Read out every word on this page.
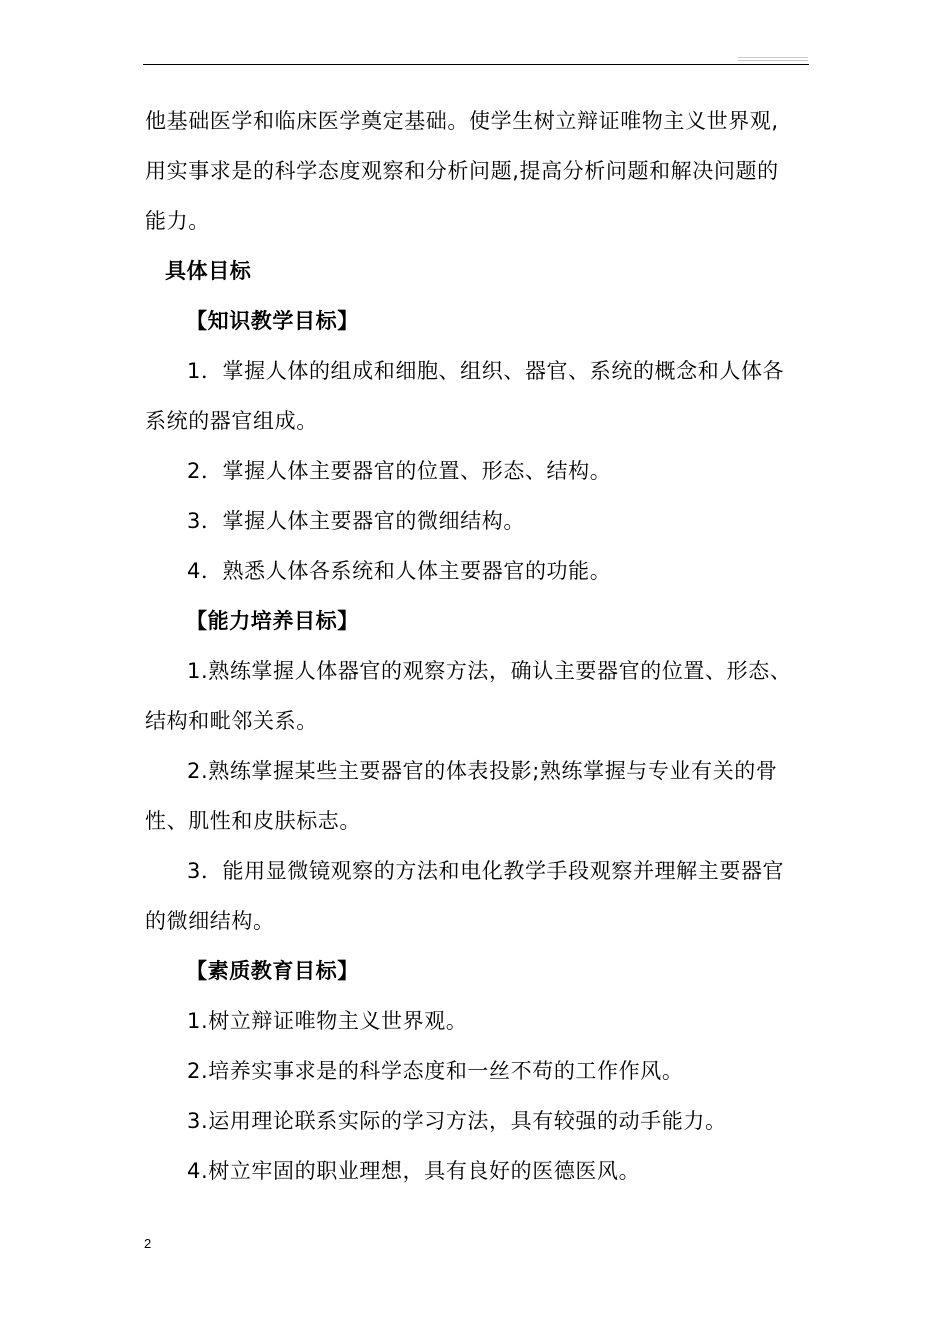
他基础医学和临床医学奠定基础。使学生树立辩证唯物主义世界观,
用实事求是的科学态度观察和分析问题,提高分析问题和解决问题的
能力。
具体目标
【知识教学目标】
1．掌握人体的组成和细胞、组织、器官、系统的概念和人体各
系统的器官组成。
2．掌握人体主要器官的位置、形态、结构。
3．掌握人体主要器官的微细结构。
4．熟悉人体各系统和人体主要器官的功能。
【能力培养目标】
1.熟练掌握人体器官的观察方法，确认主要器官的位置、形态、
结构和毗邻关系。
2.熟练掌握某些主要器官的体表投影;熟练掌握与专业有关的骨
性、肌性和皮肤标志。
3．能用显微镜观察的方法和电化教学手段观察并理解主要器官
的微细结构。
【素质教育目标】
1.树立辩证唯物主义世界观。
2.培养实事求是的科学态度和一丝不苟的工作作风。
3.运用理论联系实际的学习方法，具有较强的动手能力。
4.树立牢固的职业理想，具有良好的医德医风。
2
